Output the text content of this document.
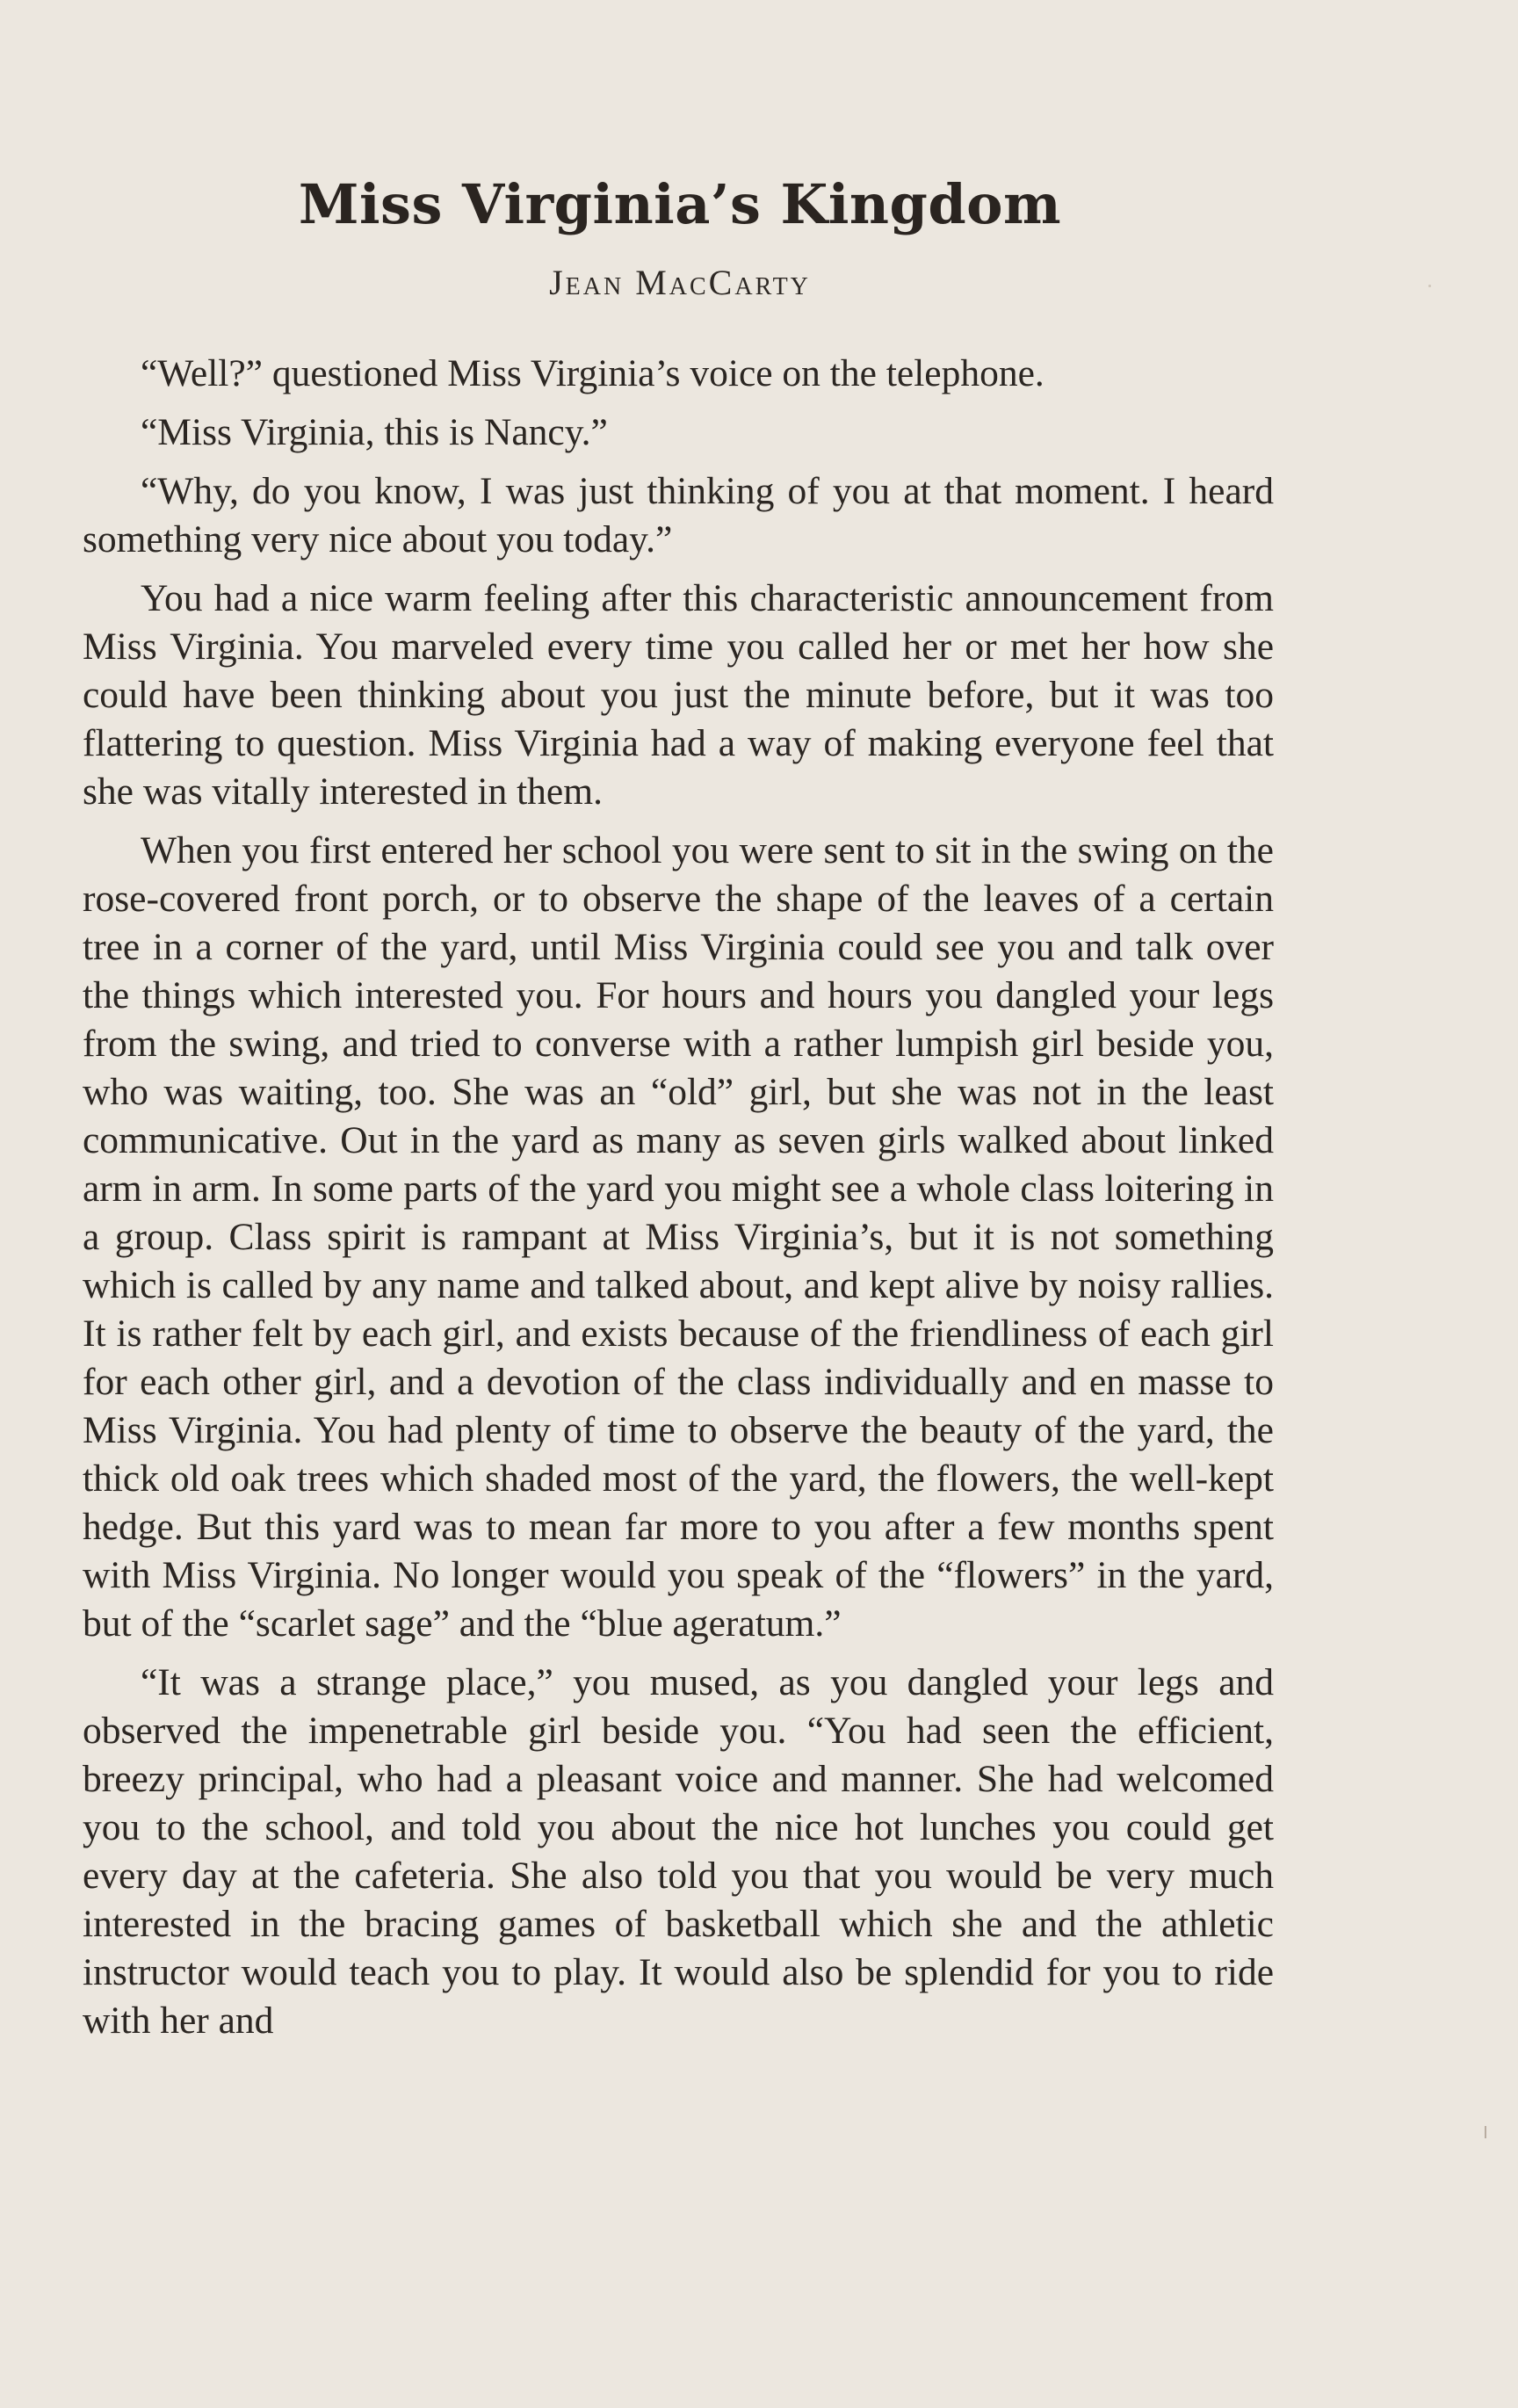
Miss Virginia’s Kingdom
Jean MacCarty

“Well?” questioned Miss Virginia’s voice on the telephone.

“Miss Virginia, this is Nancy.”

“Why, do you know, I was just thinking of you at that moment. I heard something very nice about you today.”

You had a nice warm feeling after this characteristic announcement from Miss Virginia. You marveled every time you called her or met her how she could have been thinking about you just the minute before, but it was too flattering to question. Miss Virginia had a way of making everyone feel that she was vitally interested in them.

When you first entered her school you were sent to sit in the swing on the rose-covered front porch, or to observe the shape of the leaves of a certain tree in a corner of the yard, until Miss Virginia could see you and talk over the things which interested you. For hours and hours you dangled your legs from the swing, and tried to converse with a rather lumpish girl beside you, who was waiting, too. She was an “old” girl, but she was not in the least communicative. Out in the yard as many as seven girls walked about linked arm in arm. In some parts of the yard you might see a whole class loitering in a group. Class spirit is rampant at Miss Virginia’s, but it is not something which is called by any name and talked about, and kept alive by noisy rallies. It is rather felt by each girl, and exists because of the friendliness of each girl for each other girl, and a devotion of the class individually and en masse to Miss Virginia. You had plenty of time to observe the beauty of the yard, the thick old oak trees which shaded most of the yard, the flowers, the well-kept hedge. But this yard was to mean far more to you after a few months spent with Miss Virginia. No longer would you speak of the “flowers” in the yard, but of the “scarlet sage” and the “blue ageratum.”

“It was a strange place,” you mused, as you dangled your legs and observed the impenetrable girl beside you. “You had seen the efficient, breezy principal, who had a pleasant voice and manner. She had welcomed you to the school, and told you about the nice hot lunches you could get every day at the cafeteria. She also told you that you would be very much interested in the bracing games of basketball which she and the athletic instructor would teach you to play. It would also be splendid for you to ride with her and
